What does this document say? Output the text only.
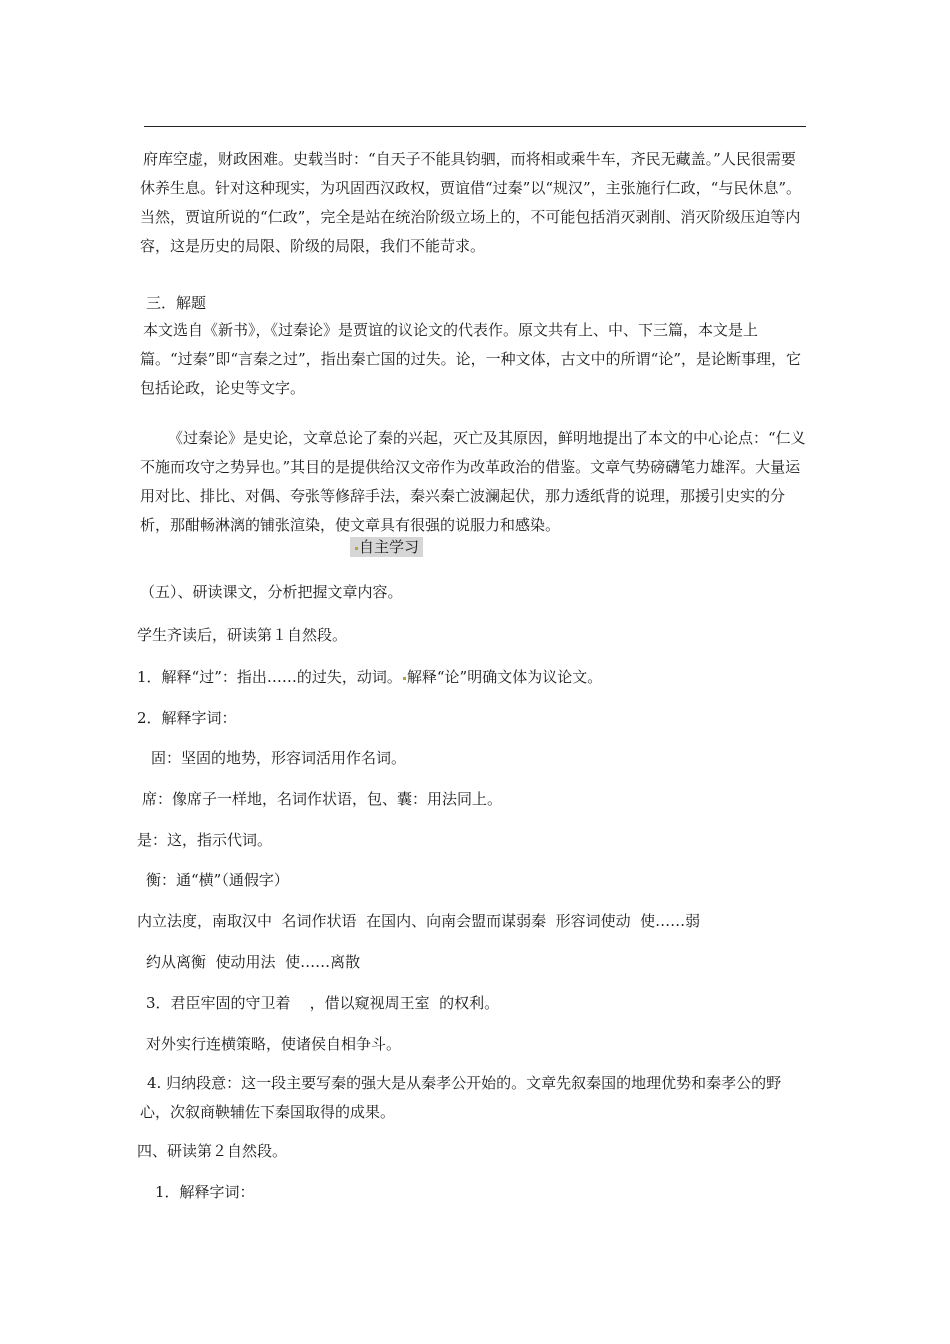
府库空虚，财政困难。史载当时：“自天子不能具钧驷，而将相或乘牛车，齐民无藏盖。”人民很需要休养生息。针对这种现实，为巩固西汉政权，贾谊借“过秦”以“规汉”，主张施行仁政，“与民休息”。当然，贾谊所说的“仁政”，完全是站在统治阶级立场上的，不可能包括消灭剥削、消灭阶级压迫等内容，这是历史的局限、阶级的局限，我们不能苛求。
三．解题
本文选自《新书》，《过秦论》是贾谊的议论文的代表作。原文共有上、中、下三篇，本文是上篇。“过秦”即“言秦之过”，指出秦亡国的过失。论，一种文体，古文中的所谓“论”，是论断事理，它包括论政，论史等文字。
《过秦论》是史论，文章总论了秦的兴起，灭亡及其原因，鲜明地提出了本文的中心论点：“仁义不施而攻守之势异也。”其目的是提供给汉文帝作为改革政治的借鉴。文章气势磅礴笔力雄浑。大量运用对比、排比、对偶、夸张等修辞手法，秦兴秦亡波澜起伏，那力透纸背的说理，那援引史实的分析，那酣畅淋漓的铺张渲染，使文章具有很强的说服力和感染。
自主学习
（五）、研读课文，分析把握文章内容。
学生齐读后，研读第１自然段。
1．解释“过”：指出……的过失，动词。 解释“论”明确文体为议论文。
2．解释字词：
固：坚固的地势，形容词活用作名词。
席：像席子一样地，名词作状语，包、囊：用法同上。
是：这，指示代词。
衡：通“横”（通假字）
内立法度，南取汉中  名词作状语  在国内、向南会盟而谋弱秦  形容词使动  使……弱
约从离衡  使动用法  使……离散
3．君臣牢固的守卫着    ，借以窥视周王室  的权利。
对外实行连横策略，使诸侯自相争斗。
4. 归纳段意：这一段主要写秦的强大是从秦孝公开始的。文章先叙秦国的地理优势和秦孝公的野心，次叙商鞅辅佐下秦国取得的成果。
四、研读第２自然段。
1．解释字词：
